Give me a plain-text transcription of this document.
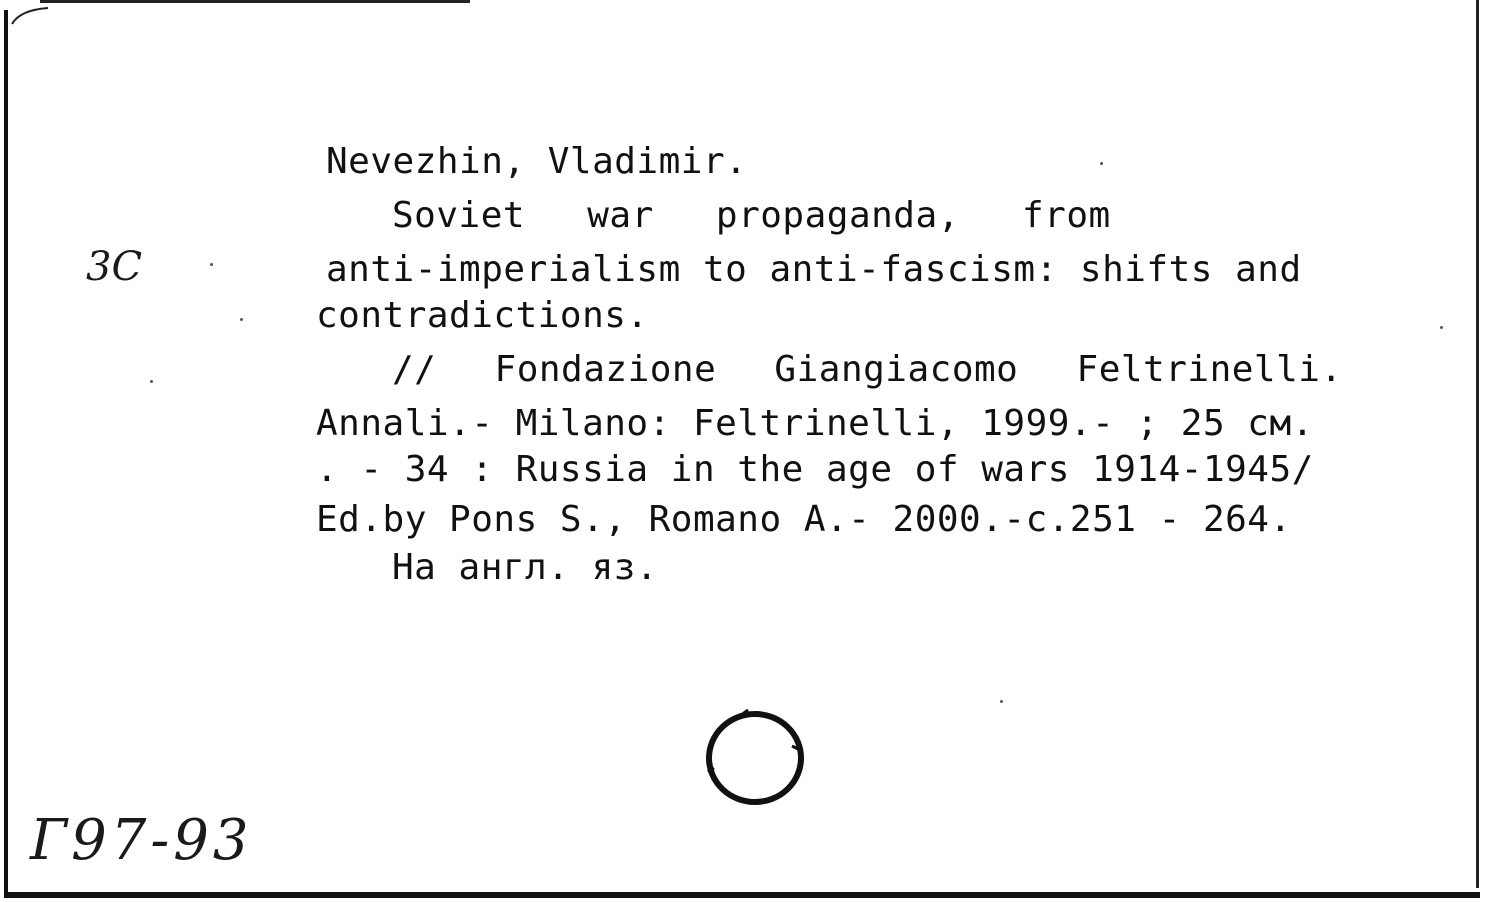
3C
Nevezhin, Vladimir.
Soviet war propaganda, from
anti-imperialism to anti-fascism: shifts and
contradictions.
// Fondazione Giangiacomo Feltrinelli.
Annali.- Milano: Feltrinelli, 1999.- ; 25 см.
. - 34 : Russia in the age of wars 1914-1945/
Ed.by Pons S., Romano A.- 2000.-c.251 - 264.
На англ. яз.
Г97-93
